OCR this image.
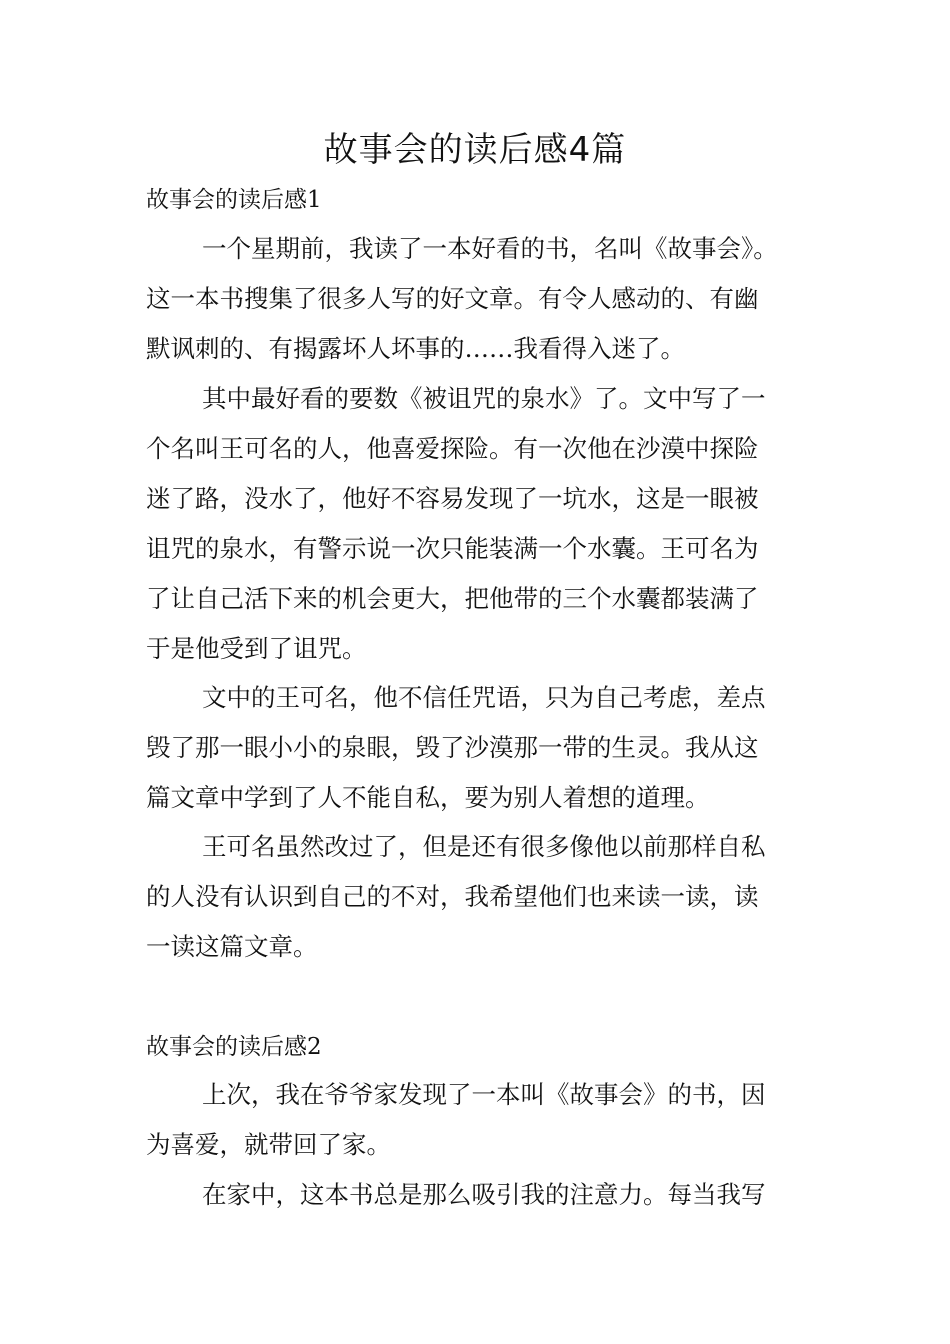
故事会的读后感4篇
故事会的读后感1
一个星期前，我读了一本好看的书，名叫《故事会》。
这一本书搜集了很多人写的好文章。有令人感动的、有幽
默讽刺的、有揭露坏人坏事的……我看得入迷了。
其中最好看的要数《被诅咒的泉水》了。文中写了一
个名叫王可名的人，他喜爱探险。有一次他在沙漠中探险
迷了路，没水了，他好不容易发现了一坑水，这是一眼被
诅咒的泉水，有警示说一次只能装满一个水囊。王可名为
了让自己活下来的机会更大，把他带的三个水囊都装满了
于是他受到了诅咒。
文中的王可名，他不信任咒语，只为自己考虑，差点
毁了那一眼小小的泉眼，毁了沙漠那一带的生灵。我从这
篇文章中学到了人不能自私，要为别人着想的道理。
王可名虽然改过了，但是还有很多像他以前那样自私
的人没有认识到自己的不对，我希望他们也来读一读，读
一读这篇文章。
故事会的读后感2
上次，我在爷爷家发现了一本叫《故事会》的书，因
为喜爱，就带回了家。
在家中，这本书总是那么吸引我的注意力。每当我写
